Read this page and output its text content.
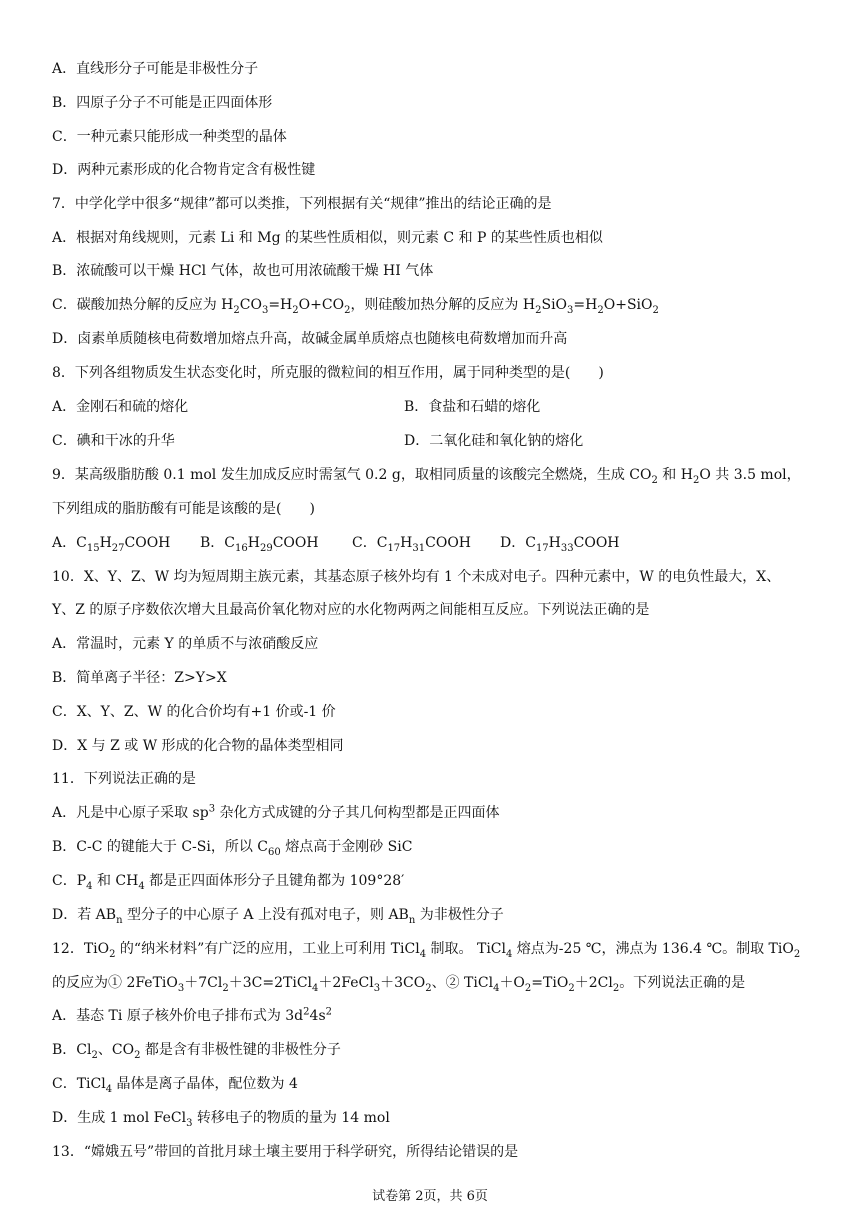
A．直线形分子可能是非极性分子
B．四原子分子不可能是正四面体形
C．一种元素只能形成一种类型的晶体
D．两种元素形成的化合物肯定含有极性键
7．中学化学中很多“规律”都可以类推，下列根据有关“规律”推出的结论正确的是
A．根据对角线规则，元素 Li 和 Mg 的某些性质相似，则元素 C 和 P 的某些性质也相似
B．浓硫酸可以干燥 HCl 气体，故也可用浓硫酸干燥 HI 气体
C．碳酸加热分解的反应为 $H_2CO_3=H_2O+CO_2$，则硅酸加热分解的反应为 $H_2SiO_3=H_2O+SiO_2$
D．卤素单质随核电荷数增加熔点升高，故碱金属单质熔点也随核电荷数增加而升高
8．下列各组物质发生状态变化时，所克服的微粒间的相互作用，属于同种类型的是(　　)
A．金刚石和硫的熔化	B．食盐和石蜡的熔化
C．碘和干冰的升华	D．二氧化硅和氧化钠的熔化
9．某高级脂肪酸 0.1 mol 发生加成反应时需氢气 0.2 g，取相同质量的该酸完全燃烧，生成 $CO_2$ 和 $H_2O$ 共 3.5 mol，
下列组成的脂肪酸有可能是该酸的是(　　)
A．$C_{15}H_{27}COOH$ B．$C_{16}H_{29}COOH$ C．$C_{17}H_{31}COOH$ D．$C_{17}H_{33}COOH$
10．X、Y、Z、W 均为短周期主族元素，其基态原子核外均有 1 个未成对电子。四种元素中，W 的电负性最大，X、
Y、Z 的原子序数依次增大且最高价氧化物对应的水化物两两之间能相互反应。下列说法正确的是
A．常温时，元素 Y 的单质不与浓硝酸反应
B．简单离子半径：Z>Y>X
C．X、Y、Z、W 的化合价均有+1 价或-1 价
D．X 与 Z 或 W 形成的化合物的晶体类型相同
11．下列说法正确的是
A．凡是中心原子采取 $sp^3$ 杂化方式成键的分子其几何构型都是正四面体
B．C-C 的键能大于 C-Si，所以 $C_{60}$ 熔点高于金刚砂 SiC
C．$P_4$ 和 $CH_4$ 都是正四面体形分子且键角都为 109°28′
D．若 $AB_n$ 型分子的中心原子 A 上没有孤对电子，则 $AB_n$ 为非极性分子
12．TiO$_2$ 的“纳米材料”有广泛的应用，工业上可利用 TiCl$_4$ 制取。 TiCl$_4$ 熔点为-25 ℃，沸点为 136.4 ℃。制取 TiO$_2$
的反应为① $2FeTiO_3+7Cl_2+3C=2TiCl_4+2FeCl_3+3CO_2$、② $TiCl_4+O_2=TiO_2+2Cl_2$。下列说法正确的是
A．基态 Ti 原子核外价电子排布式为 $3d^24s^2$
B．$Cl_2$、$CO_2$ 都是含有非极性键的非极性分子
C．TiCl$_4$ 晶体是离子晶体，配位数为 4
D．生成 1 mol FeCl$_3$ 转移电子的物质的量为 14 mol
13．“嫦娥五号”带回的首批月球土壤主要用于科学研究，所得结论错误的是
试卷第 2页，共 6页
